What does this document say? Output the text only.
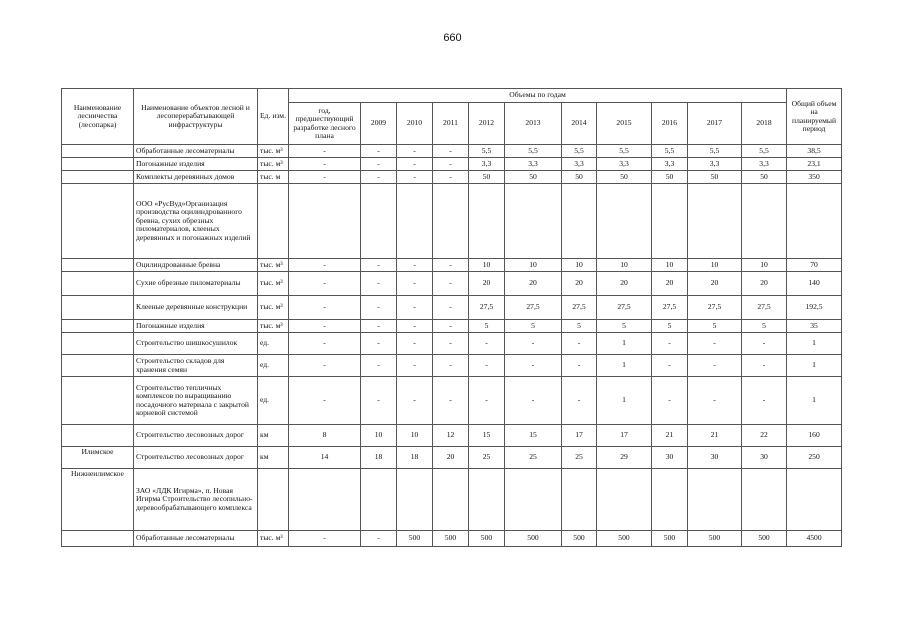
660
Наименование лесничества (лесопарка)	Наименование объектов лесной и лесоперерабатывающей инфраструктуры	Ед. изм.	Объемы по годам											Общий объем на планируемый период
			год, предшествующий разработке лесного плана	2009	2010	2011	2012	2013	2014	2015	2016	2017	2018	
	Обработанные лесоматериалы	тыс. м³	-	-	-	-	5,5	5,5	5,5	5,5	5,5	5,5	5,5	38,5
	Погонажные изделия	тыс. м³	-	-	-	-	3,3	3,3	3,3	3,3	3,3	3,3	3,3	23,1
	Комплекты деревянных домов	тыс. м	-	-	-	-	50	50	50	50	50	50	50	350
	ООО «РусВуд»Организация производства оцилиндрованного бревна, сухих обрезных пиломатериалов, клееных деревянных и погонажных изделий													
	Оцилиндрованные бревна	тыс. м³	-	-	-	-	10	10	10	10	10	10	10	70
	Сухие обрезные пиломатериалы	тыс. м³	-	-	-	-	20	20	20	20	20	20	20	140
	Клееные деревянные конструкции	тыс. м³	-	-	-	-	27,5	27,5	27,5	27,5	27,5	27,5	27,5	192,5
	Погонажные изделия	тыс. м³	-	-	-	-	5	5	5	5	5	5	5	35
	Строительство шишкосушилок	ед.	-	-	-	-	-	-	-	1	-	-	-	1
	Строительство складов для хранения семян	ед.	-	-	-	-	-	-	-	1	-	-	-	1
	Строительство тепличных комплексов по выращиванию посадочного материала с закрытой корневой системой	ед.	-	-	-	-	-	-	-	1	-	-	-	1
	Строительство лесовозных дорог	км	8	10	10	12	15	15	17	17	21	21	22	160
Илимское	Строительство лесовозных дорог	км	14	18	18	20	25	25	25	29	30	30	30	250
Нижнеилимское	ЗАО «ЛДК Игирма», п. Новая Игирма Строительство лесопильно-деревообрабатывающего комплекса													
	Обработанные лесоматериалы	тыс. м³	-	-	500	500	500	500	500	500	500	500	500	4500
